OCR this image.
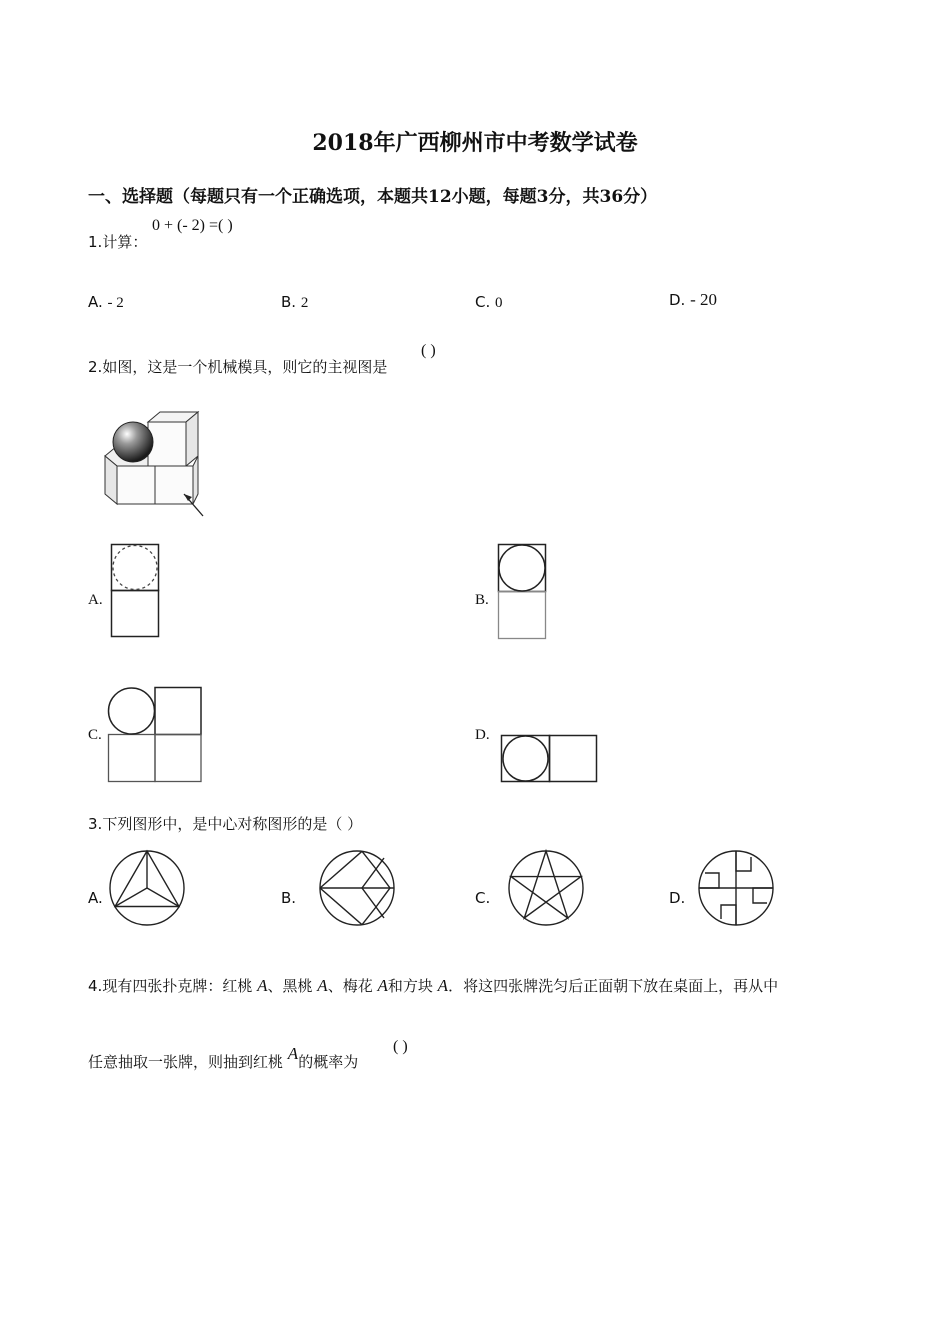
2018年广西柳州市中考数学试卷
一、选择题（每题只有一个正确选项，本题共12小题，每题3分，共36分）
1.计算：
0 + (- 2) =( )
A. - 2	B. 2	C. 0	D. - 20
2.如图，这是一个机械模具，则它的主视图是
( )
A.	B.
C.	D.
3.下列图形中，是中心对称图形的是（ ）
A.	B.	C.	D.
4.现有四张扑克牌：红桃 A、黑桃 A、梅花 A和方块 A．将这四张牌洗匀后正面朝下放在桌面上，再从中
任意抽取一张牌，则抽到红桃 A的概率为
( )
